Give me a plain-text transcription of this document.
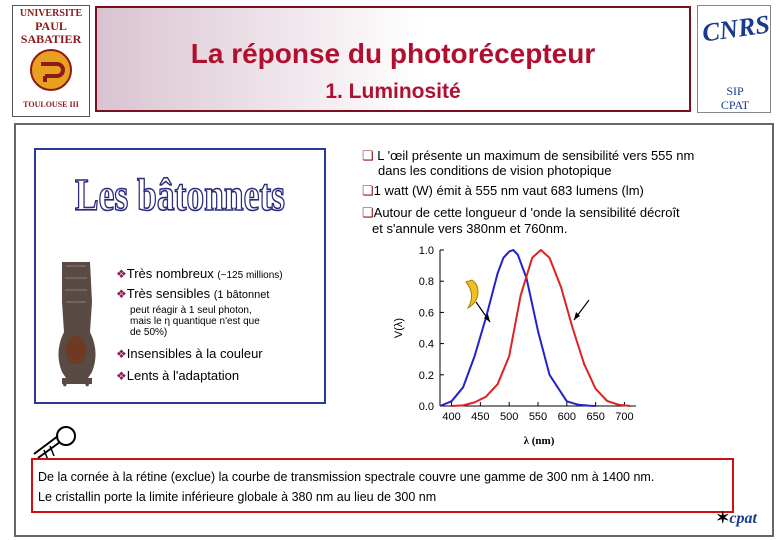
UNIVERSITE
PAUL
SABATIER
TOULOUSE III
La réponse du photorécepteur
1. Luminosité
CNRS
SIP
CPAT
Les bâtonnets
❖Très nombreux (~125 millions)
❖Très sensibles (1 bâtonnet
peut réagir à 1 seul photon,
mais le η quantique n'est que
de 50%)
❖Insensibles à la couleur
❖Lents à l'adaptation
❏ L 'œil présente un maximum de sensibilité vers 555 nm
dans les conditions de vision photopique
❏1 watt (W) émit à 555 nm vaut 683 lumens (lm)
❏Autour de cette longueur d 'onde la sensibilité décroît
et s'annule vers 380nm et 760nm.
0.0
0.2
0.4
0.6
0.8
1.0
400 450 500 550 600 650 700
V(λ)
λ (nm)
De la cornée à la rétine (exclue) la courbe de transmission spectrale couvre une gamme de 300 nm à 1400 nm.
Le cristallin porte la limite inférieure globale à 380 nm au lieu de 300 nm
✶cpat
